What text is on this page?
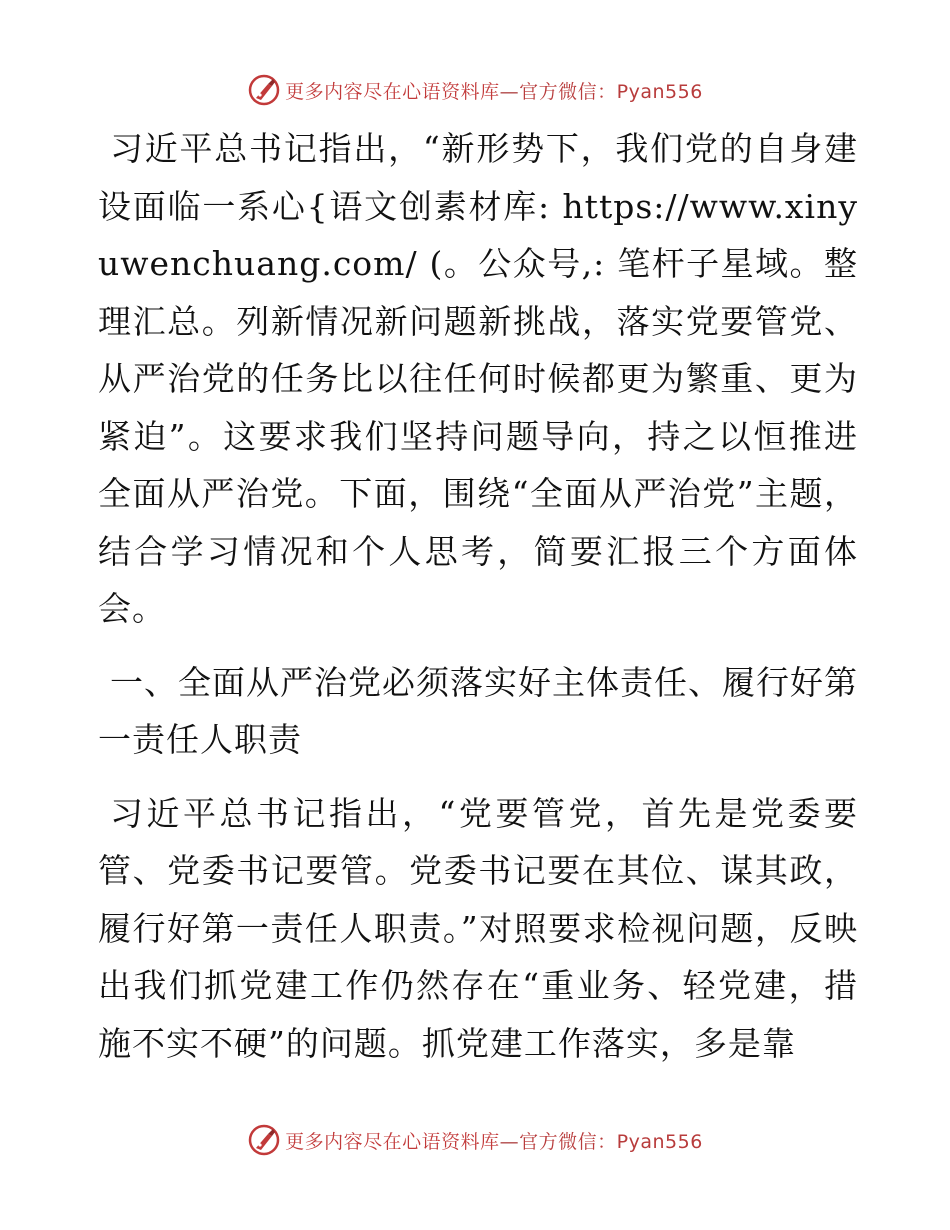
更多内容尽在心语资料库—官方微信：Pyan556

习近平总书记指出，“新形势下，我们党的自身建设面临一系心{语文创素材库: https://www.xinyuwenchuang.com/ (。公众号,: 笔杆子星域。整理汇总。列新情况新问题新挑战，落实党要管党、从严治党的任务比以往任何时候都更为繁重、更为紧迫”。这要求我们坚持问题导向，持之以恒推进全面从严治党。下面，围绕“全面从严治党”主题，结合学习情况和个人思考，简要汇报三个方面体会。

一、全面从严治党必须落实好主体责任、履行好第一责任人职责

习近平总书记指出，“党要管党，首先是党委要管、党委书记要管。党委书记要在其位、谋其政，履行好第一责任人职责。”对照要求检视问题，反映出我们抓党建工作仍然存在“重业务、轻党建，措施不实不硬”的问题。抓党建工作落实，多是靠

更多内容尽在心语资料库—官方微信：Pyan556
